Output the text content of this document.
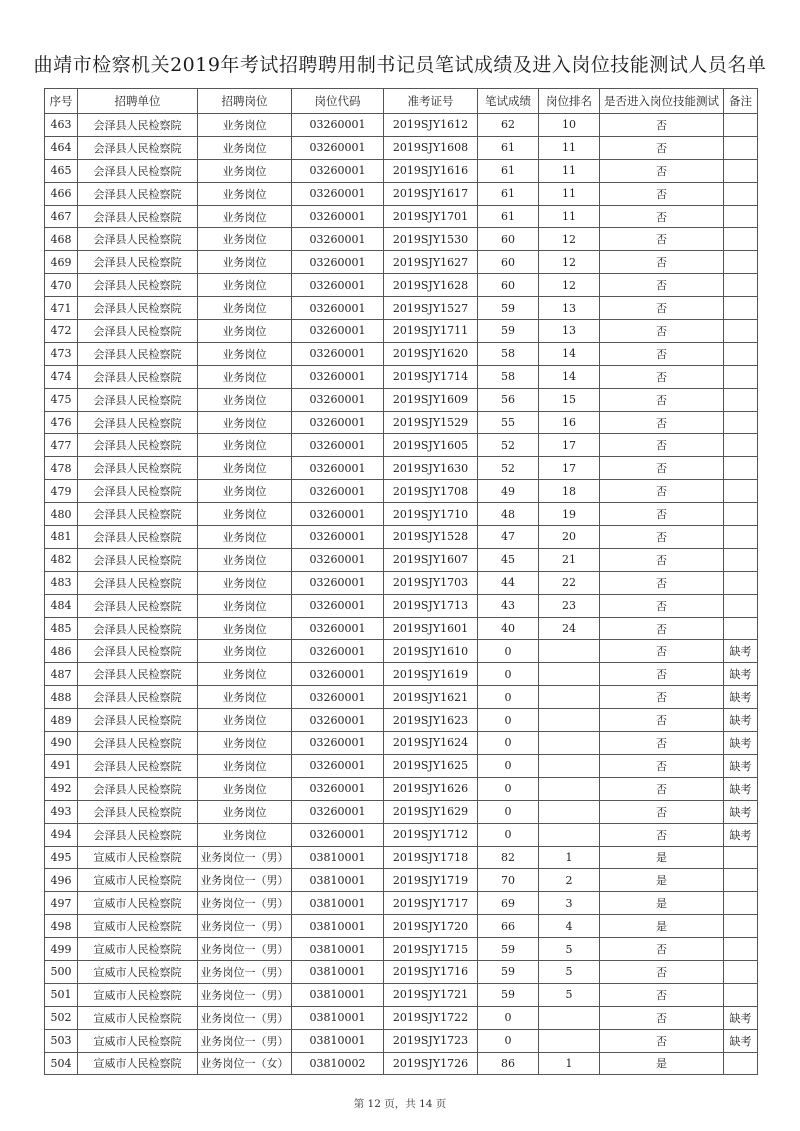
曲靖市检察机关2019年考试招聘聘用制书记员笔试成绩及进入岗位技能测试人员名单
序号	招聘单位	招聘岗位	岗位代码	准考证号	笔试成绩	岗位排名	是否进入岗位技能测试	备注
463	会泽县人民检察院	业务岗位	03260001	2019SJY1612	62	10	否	
464	会泽县人民检察院	业务岗位	03260001	2019SJY1608	61	11	否	
465	会泽县人民检察院	业务岗位	03260001	2019SJY1616	61	11	否	
466	会泽县人民检察院	业务岗位	03260001	2019SJY1617	61	11	否	
467	会泽县人民检察院	业务岗位	03260001	2019SJY1701	61	11	否	
468	会泽县人民检察院	业务岗位	03260001	2019SJY1530	60	12	否	
469	会泽县人民检察院	业务岗位	03260001	2019SJY1627	60	12	否	
470	会泽县人民检察院	业务岗位	03260001	2019SJY1628	60	12	否	
471	会泽县人民检察院	业务岗位	03260001	2019SJY1527	59	13	否	
472	会泽县人民检察院	业务岗位	03260001	2019SJY1711	59	13	否	
473	会泽县人民检察院	业务岗位	03260001	2019SJY1620	58	14	否	
474	会泽县人民检察院	业务岗位	03260001	2019SJY1714	58	14	否	
475	会泽县人民检察院	业务岗位	03260001	2019SJY1609	56	15	否	
476	会泽县人民检察院	业务岗位	03260001	2019SJY1529	55	16	否	
477	会泽县人民检察院	业务岗位	03260001	2019SJY1605	52	17	否	
478	会泽县人民检察院	业务岗位	03260001	2019SJY1630	52	17	否	
479	会泽县人民检察院	业务岗位	03260001	2019SJY1708	49	18	否	
480	会泽县人民检察院	业务岗位	03260001	2019SJY1710	48	19	否	
481	会泽县人民检察院	业务岗位	03260001	2019SJY1528	47	20	否	
482	会泽县人民检察院	业务岗位	03260001	2019SJY1607	45	21	否	
483	会泽县人民检察院	业务岗位	03260001	2019SJY1703	44	22	否	
484	会泽县人民检察院	业务岗位	03260001	2019SJY1713	43	23	否	
485	会泽县人民检察院	业务岗位	03260001	2019SJY1601	40	24	否	
486	会泽县人民检察院	业务岗位	03260001	2019SJY1610	0		否	缺考
487	会泽县人民检察院	业务岗位	03260001	2019SJY1619	0		否	缺考
488	会泽县人民检察院	业务岗位	03260001	2019SJY1621	0		否	缺考
489	会泽县人民检察院	业务岗位	03260001	2019SJY1623	0		否	缺考
490	会泽县人民检察院	业务岗位	03260001	2019SJY1624	0		否	缺考
491	会泽县人民检察院	业务岗位	03260001	2019SJY1625	0		否	缺考
492	会泽县人民检察院	业务岗位	03260001	2019SJY1626	0		否	缺考
493	会泽县人民检察院	业务岗位	03260001	2019SJY1629	0		否	缺考
494	会泽县人民检察院	业务岗位	03260001	2019SJY1712	0		否	缺考
495	宣威市人民检察院	业务岗位一（男）	03810001	2019SJY1718	82	1	是	
496	宣威市人民检察院	业务岗位一（男）	03810001	2019SJY1719	70	2	是	
497	宣威市人民检察院	业务岗位一（男）	03810001	2019SJY1717	69	3	是	
498	宣威市人民检察院	业务岗位一（男）	03810001	2019SJY1720	66	4	是	
499	宣威市人民检察院	业务岗位一（男）	03810001	2019SJY1715	59	5	否	
500	宣威市人民检察院	业务岗位一（男）	03810001	2019SJY1716	59	5	否	
501	宣威市人民检察院	业务岗位一（男）	03810001	2019SJY1721	59	5	否	
502	宣威市人民检察院	业务岗位一（男）	03810001	2019SJY1722	0		否	缺考
503	宣威市人民检察院	业务岗位一（男）	03810001	2019SJY1723	0		否	缺考
504	宣威市人民检察院	业务岗位一（女）	03810002	2019SJY1726	86	1	是	
第 12 页，共 14 页
